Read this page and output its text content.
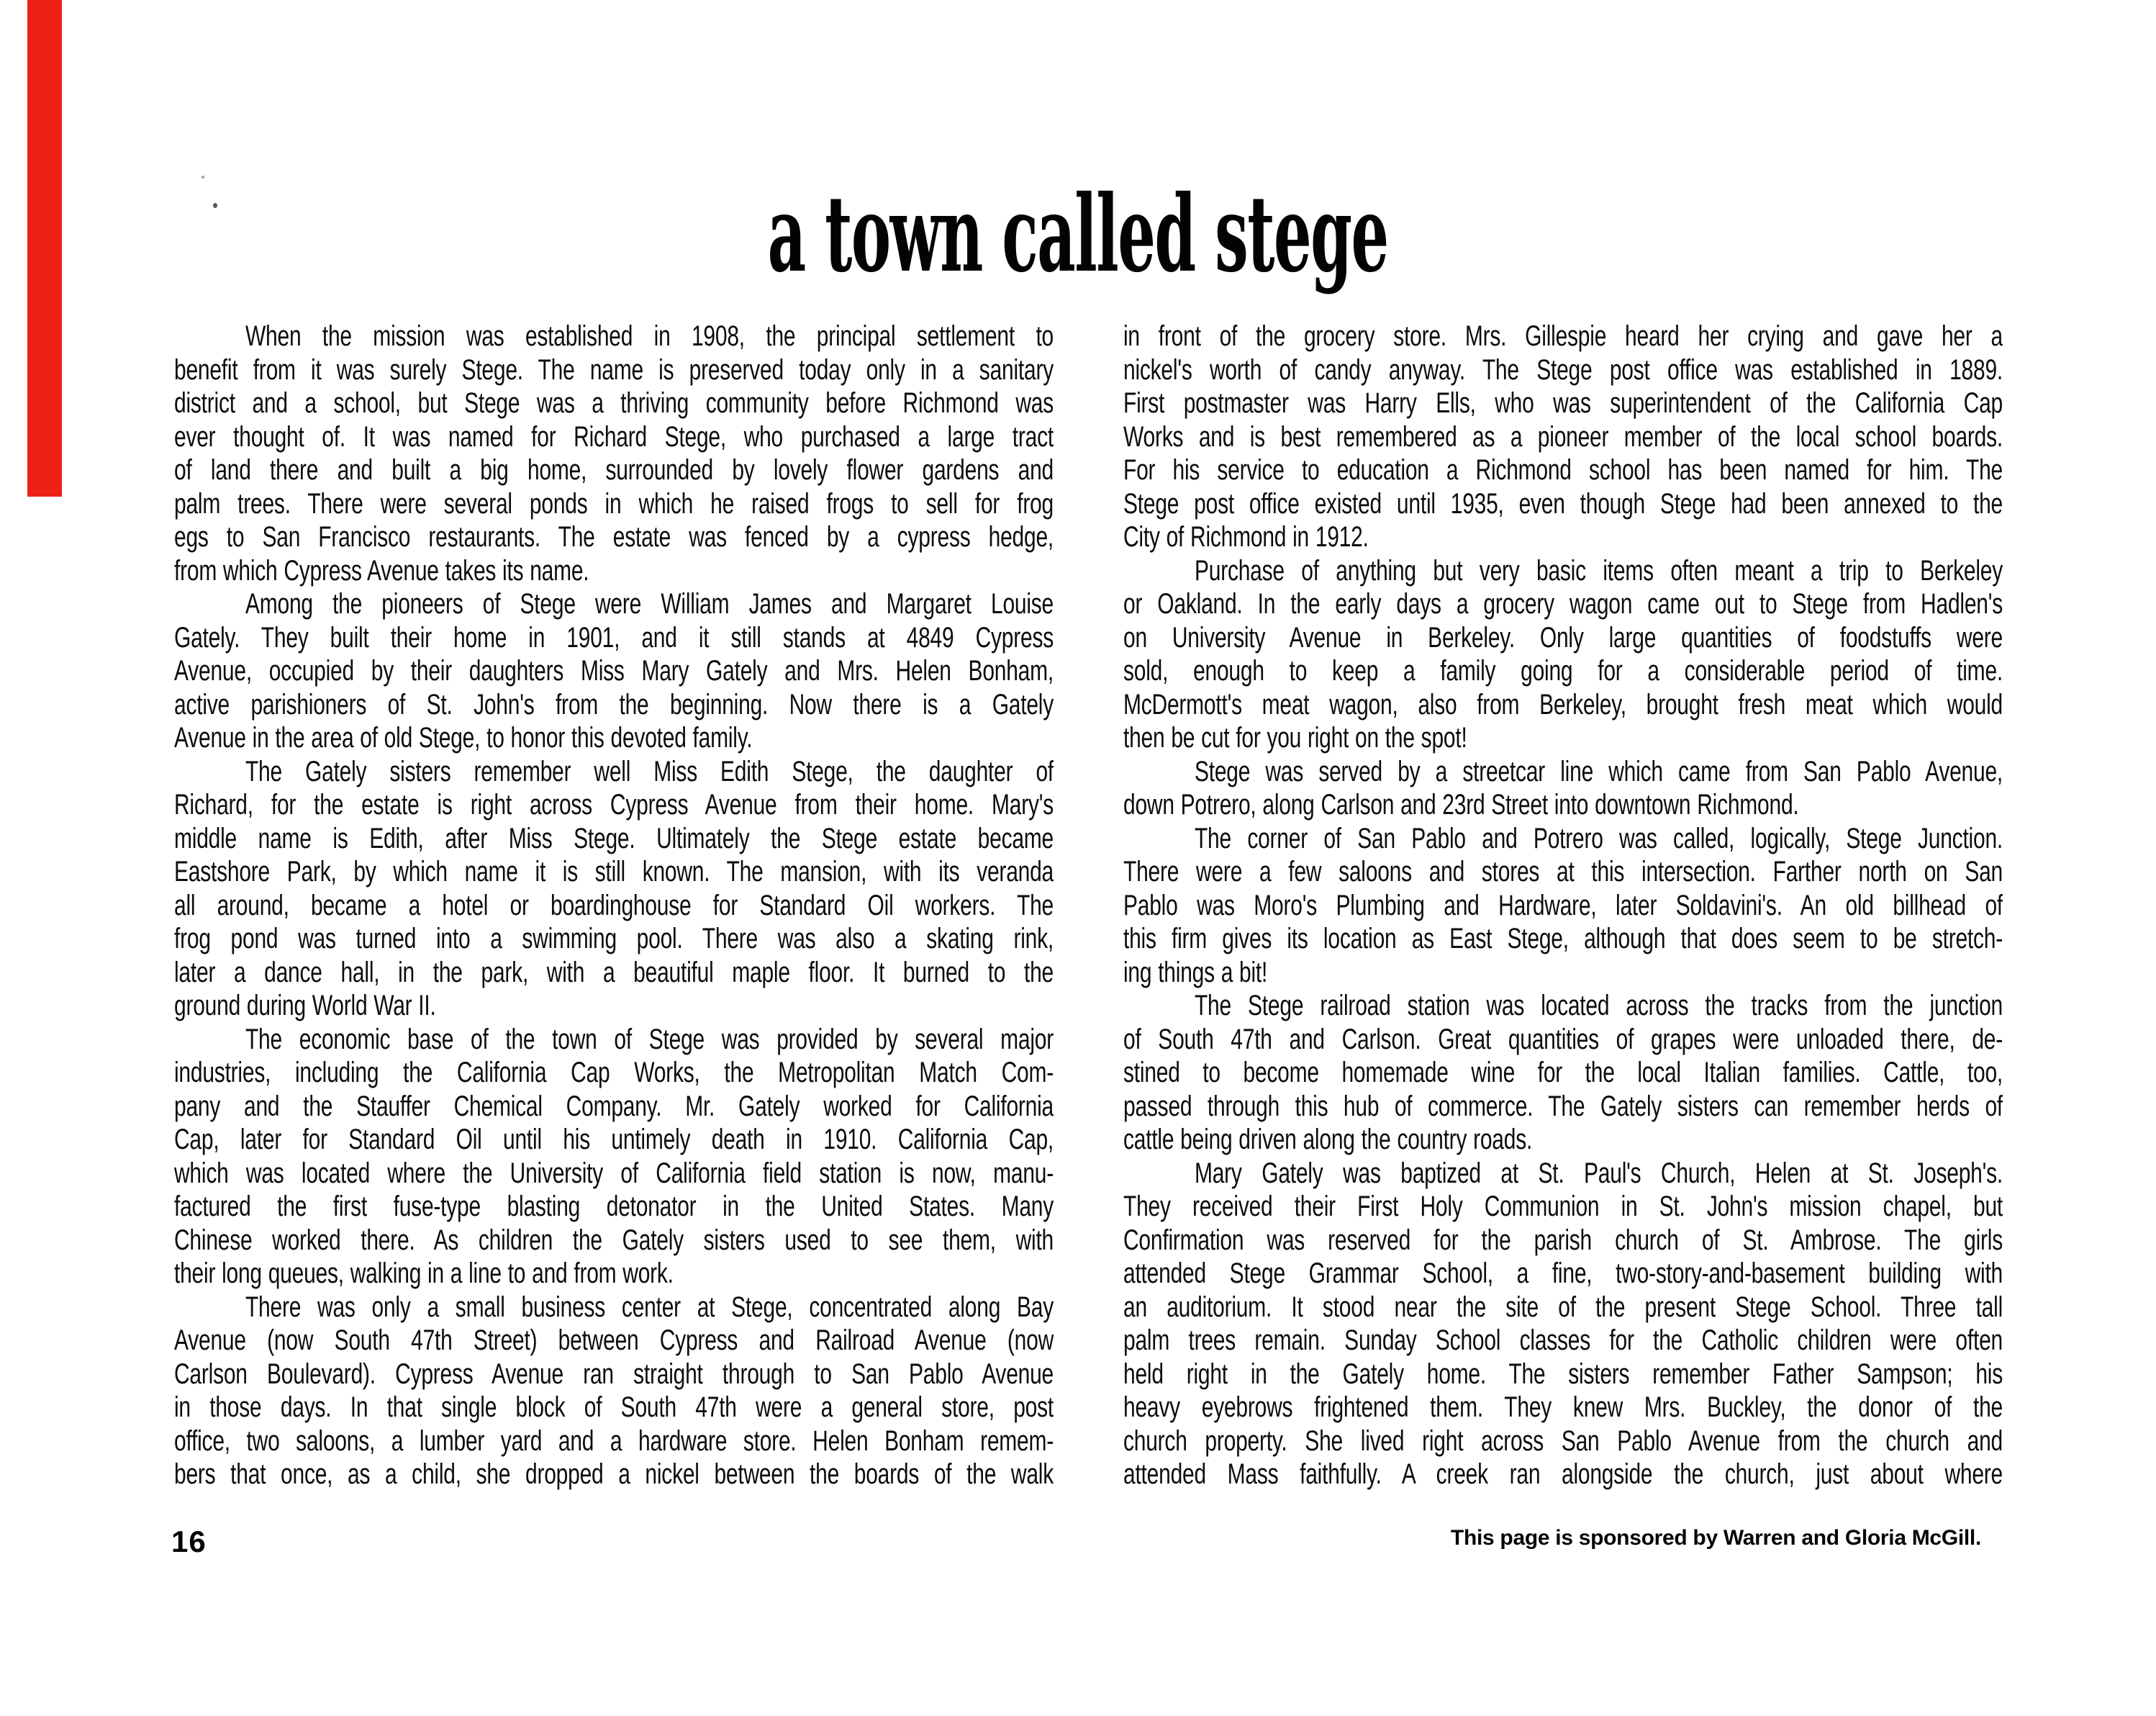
a town called stege
When the mission was established in 1908, the principal settlement to
benefit from it was surely Stege. The name is preserved today only in a sanitary
district and a school, but Stege was a thriving community before Richmond was
ever thought of. It was named for Richard Stege, who purchased a large tract
of land there and built a big home, surrounded by lovely flower gardens and
palm trees. There were several ponds in which he raised frogs to sell for frog
egs to San Francisco restaurants. The estate was fenced by a cypress hedge,
from which Cypress Avenue takes its name.
Among the pioneers of Stege were William James and Margaret Louise
Gately. They built their home in 1901, and it still stands at 4849 Cypress
Avenue, occupied by their daughters Miss Mary Gately and Mrs. Helen Bonham,
active parishioners of St. John's from the beginning. Now there is a Gately
Avenue in the area of old Stege, to honor this devoted family.
The Gately sisters remember well Miss Edith Stege, the daughter of
Richard, for the estate is right across Cypress Avenue from their home. Mary's
middle name is Edith, after Miss Stege. Ultimately the Stege estate became
Eastshore Park, by which name it is still known. The mansion, with its veranda
all around, became a hotel or boardinghouse for Standard Oil workers. The
frog pond was turned into a swimming pool. There was also a skating rink,
later a dance hall, in the park, with a beautiful maple floor. It burned to the
ground during World War II.
The economic base of the town of Stege was provided by several major
industries, including the California Cap Works, the Metropolitan Match Com-
pany and the Stauffer Chemical Company. Mr. Gately worked for California
Cap, later for Standard Oil until his untimely death in 1910. California Cap,
which was located where the University of California field station is now, manu-
factured the first fuse-type blasting detonator in the United States. Many
Chinese worked there. As children the Gately sisters used to see them, with
their long queues, walking in a line to and from work.
There was only a small business center at Stege, concentrated along Bay
Avenue (now South 47th Street) between Cypress and Railroad Avenue (now
Carlson Boulevard). Cypress Avenue ran straight through to San Pablo Avenue
in those days. In that single block of South 47th were a general store, post
office, two saloons, a lumber yard and a hardware store. Helen Bonham remem-
bers that once, as a child, she dropped a nickel between the boards of the walk
in front of the grocery store. Mrs. Gillespie heard her crying and gave her a
nickel's worth of candy anyway. The Stege post office was established in 1889.
First postmaster was Harry Ells, who was superintendent of the California Cap
Works and is best remembered as a pioneer member of the local school boards.
For his service to education a Richmond school has been named for him. The
Stege post office existed until 1935, even though Stege had been annexed to the
City of Richmond in 1912.
Purchase of anything but very basic items often meant a trip to Berkeley
or Oakland. In the early days a grocery wagon came out to Stege from Hadlen's
on University Avenue in Berkeley. Only large quantities of foodstuffs were
sold, enough to keep a family going for a considerable period of time.
McDermott's meat wagon, also from Berkeley, brought fresh meat which would
then be cut for you right on the spot!
Stege was served by a streetcar line which came from San Pablo Avenue,
down Potrero, along Carlson and 23rd Street into downtown Richmond.
The corner of San Pablo and Potrero was called, logically, Stege Junction.
There were a few saloons and stores at this intersection. Farther north on San
Pablo was Moro's Plumbing and Hardware, later Soldavini's. An old billhead of
this firm gives its location as East Stege, although that does seem to be stretch-
ing things a bit!
The Stege railroad station was located across the tracks from the junction
of South 47th and Carlson. Great quantities of grapes were unloaded there, de-
stined to become homemade wine for the local Italian families. Cattle, too,
passed through this hub of commerce. The Gately sisters can remember herds of
cattle being driven along the country roads.
Mary Gately was baptized at St. Paul's Church, Helen at St. Joseph's.
They received their First Holy Communion in St. John's mission chapel, but
Confirmation was reserved for the parish church of St. Ambrose. The girls
attended Stege Grammar School, a fine, two-story-and-basement building with
an auditorium. It stood near the site of the present Stege School. Three tall
palm trees remain. Sunday School classes for the Catholic children were often
held right in the Gately home. The sisters remember Father Sampson; his
heavy eyebrows frightened them. They knew Mrs. Buckley, the donor of the
church property. She lived right across San Pablo Avenue from the church and
attended Mass faithfully. A creek ran alongside the church, just about where
16	This page is sponsored by Warren and Gloria McGill.
